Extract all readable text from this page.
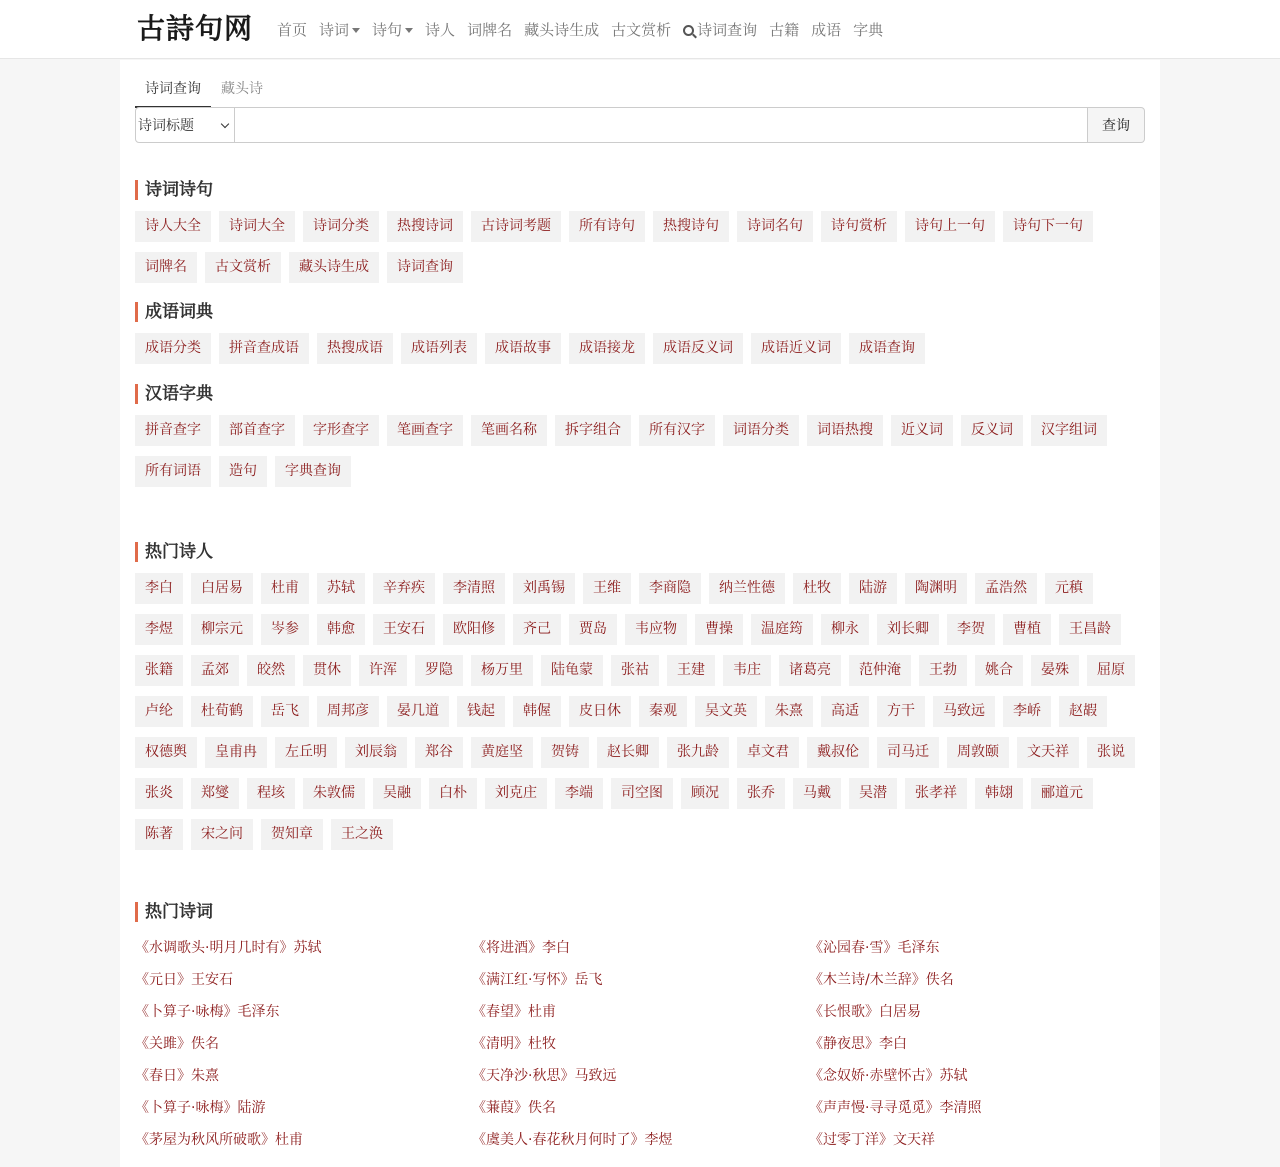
古詩句网 首页 诗词 诗句 诗人 词牌名 藏头诗生成 古文赏析 诗词查询 古籍 成语 字典
诗词查询	藏头诗
诗词标题	查询
诗词诗句
诗人大全	诗词大全	诗词分类	热搜诗词	古诗词考题	所有诗句	热搜诗句	诗词名句	诗句赏析	诗句上一句	诗句下一句
词牌名	古文赏析	藏头诗生成	诗词查询
成语词典
成语分类	拼音查成语	热搜成语	成语列表	成语故事	成语接龙	成语反义词	成语近义词	成语查询
汉语字典
拼音查字	部首查字	字形查字	笔画查字	笔画名称	拆字组合	所有汉字	词语分类	词语热搜	近义词	反义词	汉字组词
所有词语	造句	字典查询
热门诗人
李白	白居易	杜甫	苏轼	辛弃疾	李清照	刘禹锡	王维	李商隐	纳兰性德	杜牧	陆游	陶渊明	孟浩然	元稹
李煜	柳宗元	岑参	韩愈	王安石	欧阳修	齐己	贾岛	韦应物	曹操	温庭筠	柳永	刘长卿	李贺	曹植	王昌龄
张籍	孟郊	皎然	贯休	许浑	罗隐	杨万里	陆龟蒙	张祜	王建	韦庄	诸葛亮	范仲淹	王勃	姚合	晏殊	屈原
卢纶	杜荀鹤	岳飞	周邦彦	晏几道	钱起	韩偓	皮日休	秦观	吴文英	朱熹	高适	方干	马致远	李峤	赵嘏
权德舆	皇甫冉	左丘明	刘辰翁	郑谷	黄庭坚	贺铸	赵长卿	张九龄	卓文君	戴叔伦	司马迁	周敦颐	文天祥	张说
张炎	郑燮	程垓	朱敦儒	吴融	白朴	刘克庄	李端	司空图	顾况	张乔	马戴	吴潜	张孝祥	韩翃	郦道元
陈著	宋之问	贺知章	王之涣
热门诗词
《水调歌头·明月几时有》苏轼	《将进酒》李白	《沁园春·雪》毛泽东
《元日》王安石	《满江红·写怀》岳飞	《木兰诗/木兰辞》佚名
《卜算子·咏梅》毛泽东	《春望》杜甫	《长恨歌》白居易
《关雎》佚名	《清明》杜牧	《静夜思》李白
《春日》朱熹	《天净沙·秋思》马致远	《念奴娇·赤壁怀古》苏轼
《卜算子·咏梅》陆游	《蒹葭》佚名	《声声慢·寻寻觅觅》李清照
《茅屋为秋风所破歌》杜甫	《虞美人·春花秋月何时了》李煜	《过零丁洋》文天祥
